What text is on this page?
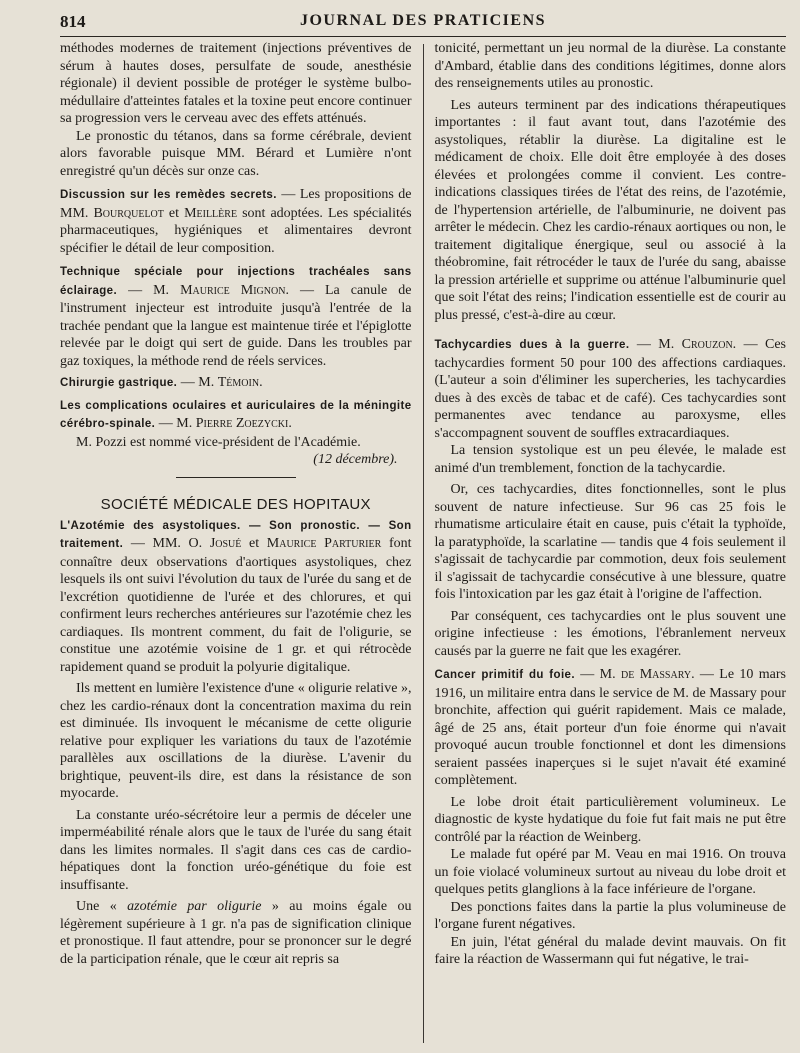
814	JOURNAL DES PRATICIENS

méthodes modernes de traitement (injections préventives de sérum à hautes doses, persulfate de soude, anesthésie régionale) il devient possible de protéger le système bulbo-médullaire d'atteintes fatales et la toxine peut encore continuer sa progression vers le cerveau avec des effets atténués.

Le pronostic du tétanos, dans sa forme cérébrale, devient alors favorable puisque MM. Bérard et Lumière n'ont enregistré qu'un décès sur onze cas.

Discussion sur les remèdes secrets. — Les propositions de MM. Bourquelot et Meillère sont adoptées. Les spécialités pharmaceutiques, hygiéniques et alimentaires devront spécifier le détail de leur composition.

Technique spéciale pour injections trachéales sans éclairage. — M. Maurice Mignon. — La canule de l'instrument injecteur est introduite jusqu'à l'entrée de la trachée pendant que la langue est maintenue tirée et l'épiglotte relevée par le doigt qui sert de guide. Dans les troubles par gaz toxiques, la méthode rend de réels services.

Chirurgie gastrique. — M. Témoin.

Les complications oculaires et auriculaires de la méningite cérébro-spinale. — M. Pierre Zoezycki.

M. Pozzi est nommé vice-président de l'Académie.

(12 décembre).

SOCIÉTÉ MÉDICALE DES HOPITAUX

L'Azotémie des asystoliques. — Son pronostic. — Son traitement. — MM. O. Josué et Maurice Parturier font connaître deux observations d'aortiques asystoliques, chez lesquels ils ont suivi l'évolution du taux de l'urée du sang et de l'excrétion quotidienne de l'urée et des chlorures, et qui confirment leurs recherches antérieures sur l'azotémie chez les cardiaques. Ils montrent comment, du fait de l'oligurie, se constitue une azotémie voisine de 1 gr. et qui rétrocède rapidement quand se produit la polyurie digitalique.

Ils mettent en lumière l'existence d'une « oligurie relative », chez les cardio-rénaux dont la concentration maxima du rein est diminuée. Ils invoquent le mécanisme de cette oligurie relative pour expliquer les variations du taux de l'azotémie parallèles aux oscillations de la diurèse. L'avenir du brightique, peuvent-ils dire, est dans la résistance de son myocarde.

La constante uréo-sécrétoire leur a permis de déceler une imperméabilité rénale alors que le taux de l'urée du sang était dans les limites normales. Il s'agit dans ces cas de cardio-hépatiques dont la fonction uréo-génétique du foie est insuffisante.

Une « azotémie par oligurie » au moins égale ou légèrement supérieure à 1 gr. n'a pas de signification clinique et pronostique. Il faut attendre, pour se prononcer sur le degré de la participation rénale, que le cœur ait repris sa

tonicité, permettant un jeu normal de la diurèse. La constante d'Ambard, établie dans des conditions légitimes, donne alors des renseignements utiles au pronostic.

Les auteurs terminent par des indications thérapeutiques importantes : il faut avant tout, dans l'azotémie des asystoliques, rétablir la diurèse. La digitaline est le médicament de choix. Elle doit être employée à des doses élevées et prolongées comme il convient. Les contre-indications classiques tirées de l'état des reins, de l'azotémie, de l'hypertension artérielle, de l'albuminurie, ne doivent pas arrêter le médecin. Chez les cardio-rénaux aortiques ou non, le traitement digitalique énergique, seul ou associé à la théobromine, fait rétrocéder le taux de l'urée du sang, abaisse la pression artérielle et supprime ou atténue l'albuminurie quel que soit l'état des reins; l'indication essentielle est de courir au plus pressé, c'est-à-dire au cœur.

Tachycardies dues à la guerre. — M. Crouzon. — Ces tachycardies forment 50 pour 100 des affections cardiaques. (L'auteur a soin d'éliminer les supercheries, les tachycardies dues à des excès de tabac et de café). Ces tachycardies sont permanentes avec tendance au paroxysme, elles s'accompagnent souvent de souffles extracardiaques.

La tension systolique est un peu élevée, le malade est animé d'un tremblement, fonction de la tachycardie.

Or, ces tachycardies, dites fonctionnelles, sont le plus souvent de nature infectieuse. Sur 96 cas 25 fois le rhumatisme articulaire était en cause, puis c'était la typhoïde, la paratyphoïde, la scarlatine — tandis que 4 fois seulement il s'agissait de tachycardie par commotion, deux fois seulement il s'agissait de tachycardie consécutive à une blessure, quatre fois l'intoxication par les gaz était à l'origine de l'affection.

Par conséquent, ces tachycardies ont le plus souvent une origine infectieuse : les émotions, l'ébranlement nerveux causés par la guerre ne fait que les exagérer.

Cancer primitif du foie. — M. de Massary. — Le 10 mars 1916, un militaire entra dans le service de M. de Massary pour bronchite, affection qui guérit rapidement. Mais ce malade, âgé de 25 ans, était porteur d'un foie énorme qui n'avait provoqué aucun trouble fonctionnel et dont les dimensions seraient passées inaperçues si le sujet n'avait été examiné complètement.

Le lobe droit était particulièrement volumineux. Le diagnostic de kyste hydatique du foie fut fait mais ne put être contrôlé par la réaction de Weinberg.

Le malade fut opéré par M. Veau en mai 1916. On trouva un foie violacé volumineux surtout au niveau du lobe droit et quelques petits glanglions à la face inférieure de l'organe.

Des ponctions faites dans la partie la plus volumineuse de l'organe furent négatives.

En juin, l'état général du malade devint mauvais. On fit faire la réaction de Wassermann qui fut négative, le trai-
